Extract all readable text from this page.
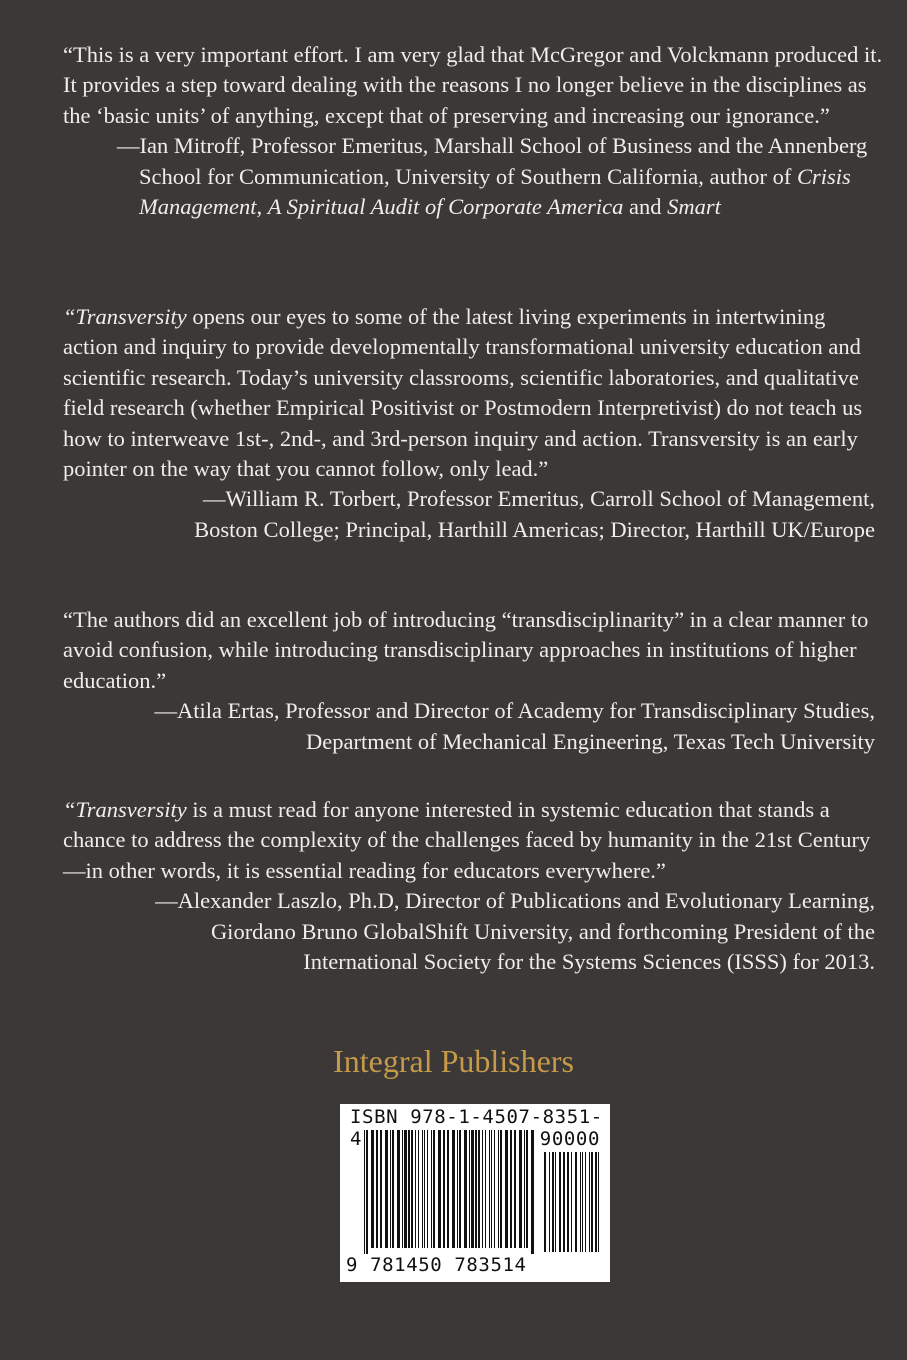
“This is a very important effort. I am very glad that McGregor and Volckmann produced it. It provides a step toward dealing with the reasons I no longer believe in the disciplines as the ‘basic units’ of anything, except that of preserving and increasing our ignorance.”

—Ian Mitroff, Professor Emeritus, Marshall School of Business and the Annenberg School for Communication, University of Southern California, author of Crisis Management, A Spiritual Audit of Corporate America and Smart

“Transversity opens our eyes to some of the latest living experiments in intertwining action and inquiry to provide developmentally transformational university education and scientific research. Today’s university classrooms, scientific laboratories, and qualitative field research (whether Empirical Positivist or Postmodern Interpretivist) do not teach us how to interweave 1st-, 2nd-, and 3rd-person inquiry and action. Transversity is an early pointer on the way that you cannot follow, only lead.”

—William R. Torbert, Professor Emeritus, Carroll School of Management,
Boston College; Principal, Harthill Americas; Director, Harthill UK/Europe

“The authors did an excellent job of introducing “transdisciplinarity” in a clear manner to avoid confusion, while introducing transdisciplinary approaches in institutions of higher education.”

—Atila Ertas, Professor and Director of Academy for Transdisciplinary Studies,
Department of Mechanical Engineering, Texas Tech University

“Transversity is a must read for anyone interested in systemic education that stands a chance to address the complexity of the challenges faced by humanity in the 21st Century—in other words, it is essential reading for educators everywhere.”

—Alexander Laszlo, Ph.D, Director of Publications and Evolutionary Learning,
Giordano Bruno GlobalShift University, and forthcoming President of the
International Society for the Systems Sciences (ISSS) for 2013.

Integral Publishers

ISBN 978-1-4507-8351-4	90000
9 781450 783514
